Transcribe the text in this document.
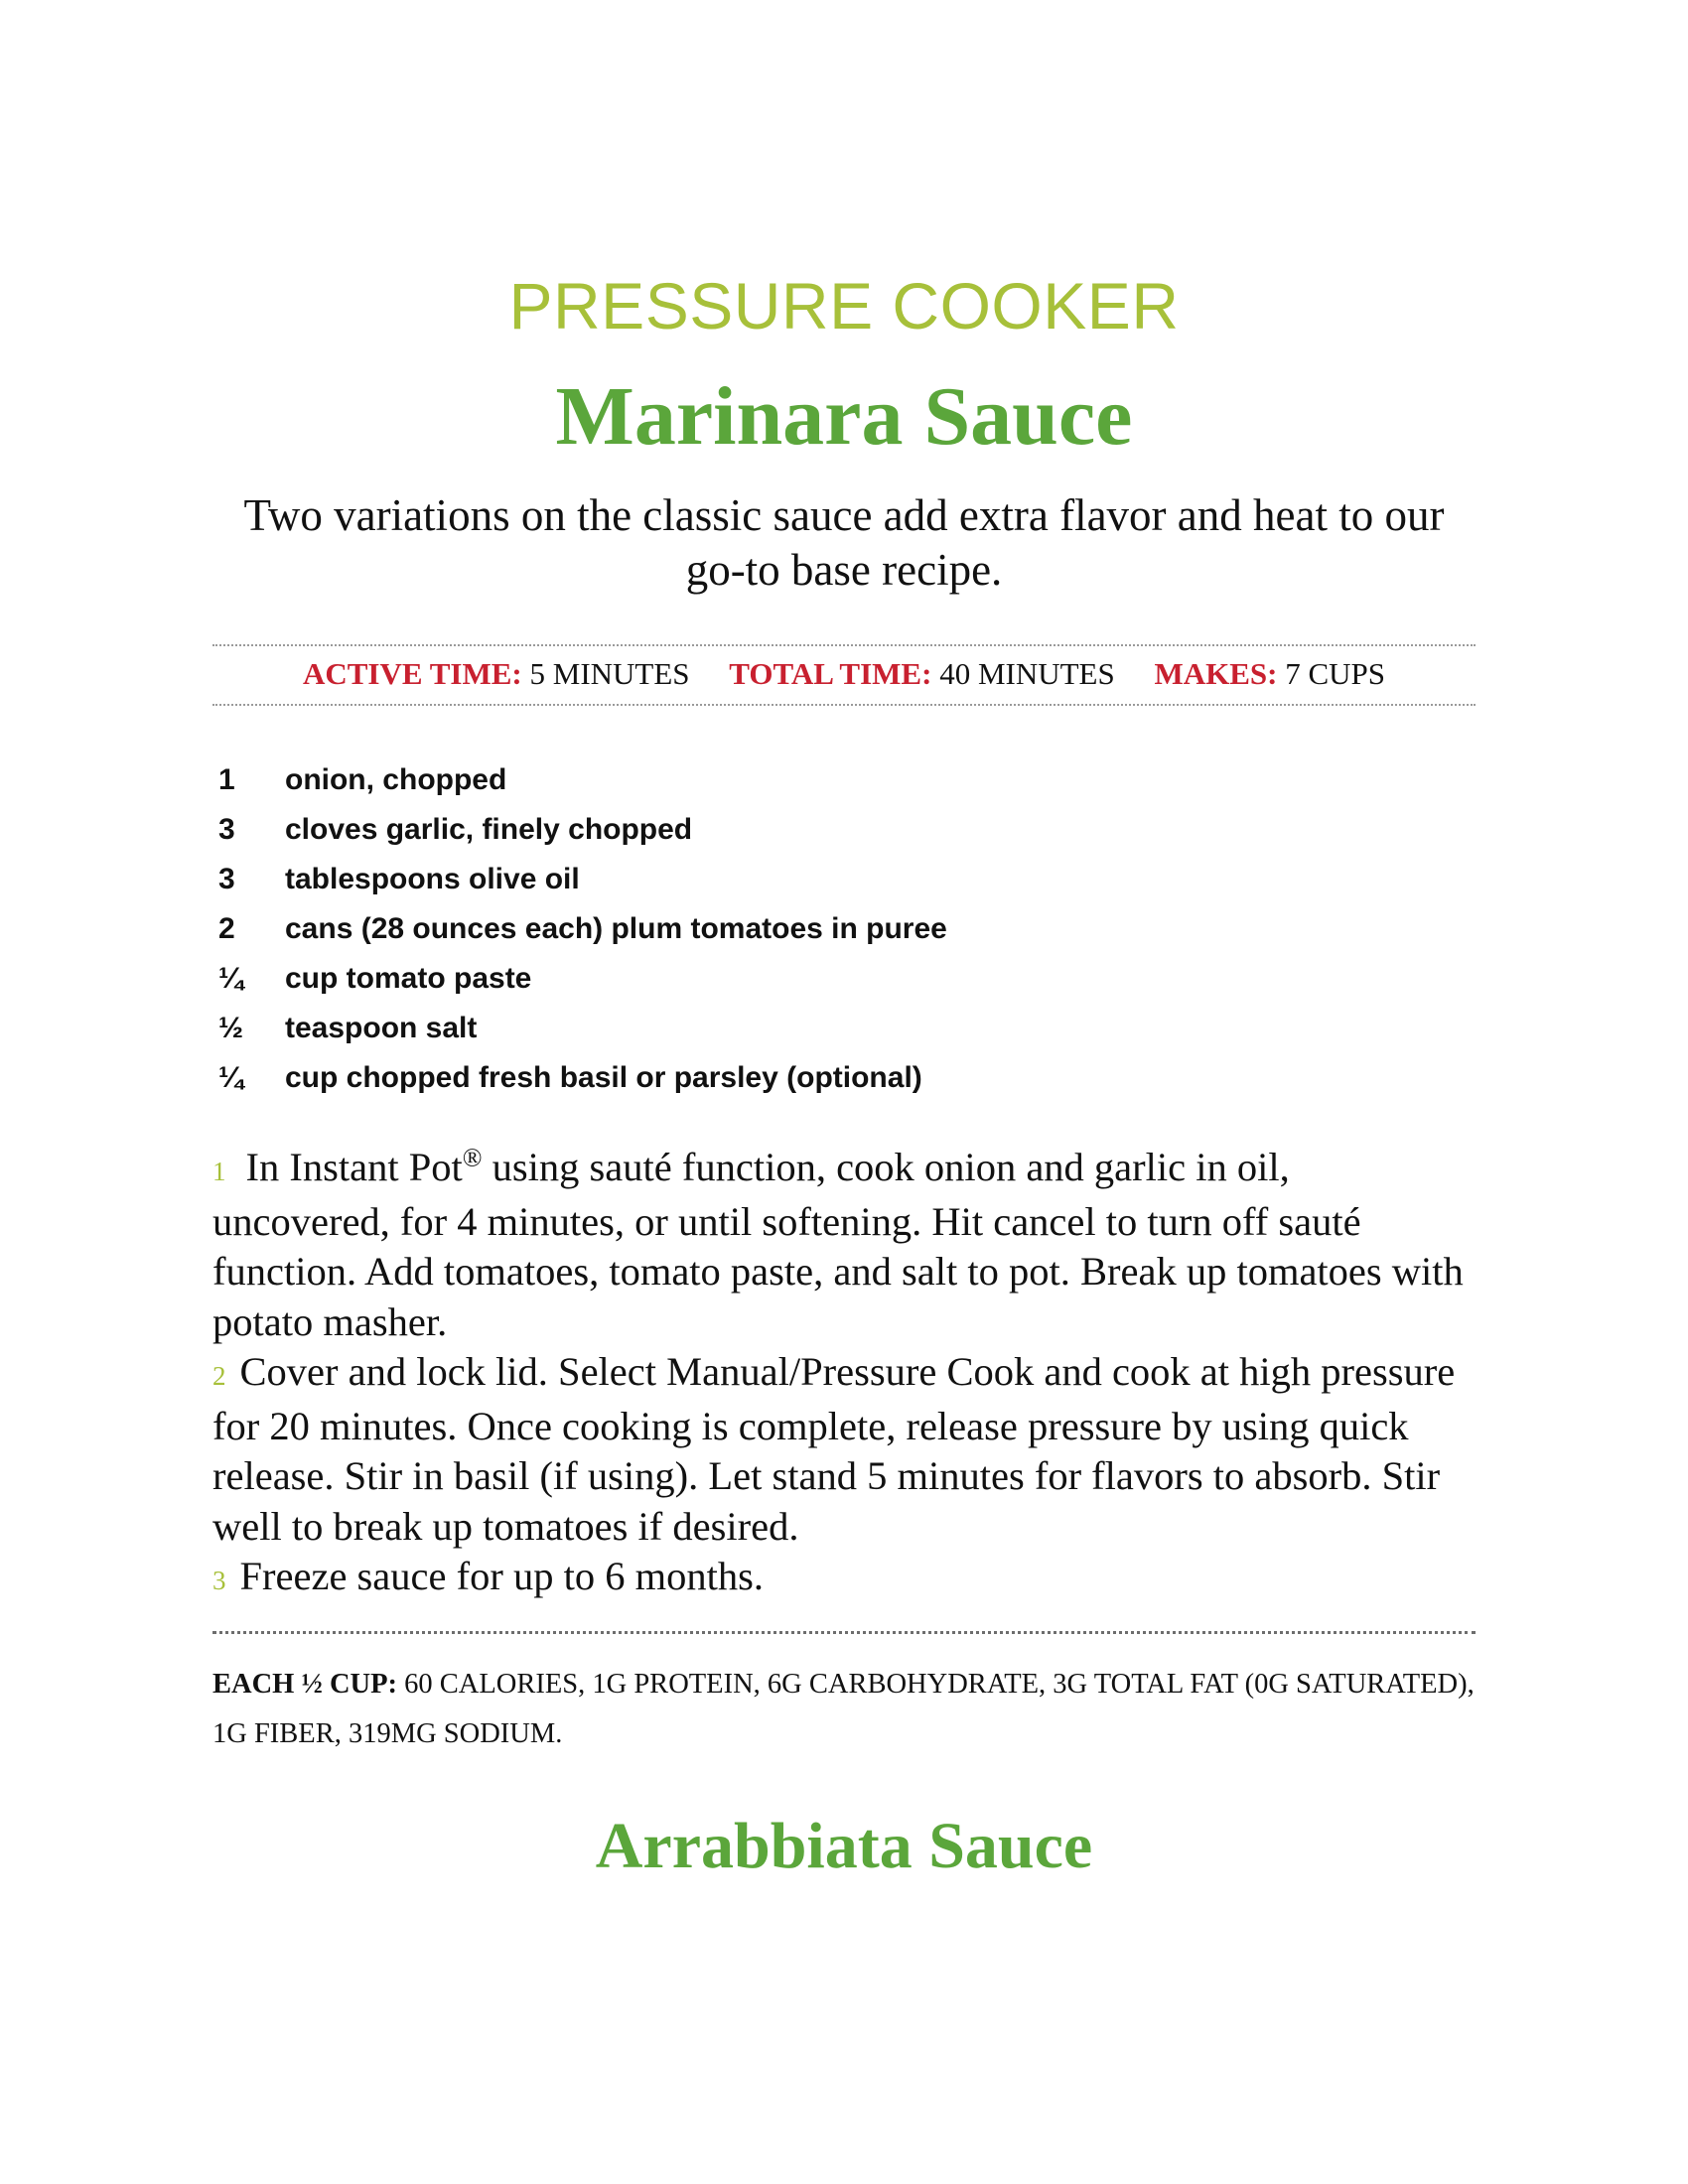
PRESSURE COOKER
Marinara Sauce
Two variations on the classic sauce add extra flavor and heat to our go-to base recipe.
ACTIVE TIME: 5 MINUTES TOTAL TIME: 40 MINUTES MAKES: 7 CUPS
1 onion, chopped
3 cloves garlic, finely chopped
3 tablespoons olive oil
2 cans (28 ounces each) plum tomatoes in puree
¼ cup tomato paste
½ teaspoon salt
¼ cup chopped fresh basil or parsley (optional)
1 In Instant Pot® using sauté function, cook onion and garlic in oil, uncovered, for 4 minutes, or until softening. Hit cancel to turn off sauté function. Add tomatoes, tomato paste, and salt to pot. Break up tomatoes with potato masher.
2 Cover and lock lid. Select Manual/Pressure Cook and cook at high pressure for 20 minutes. Once cooking is complete, release pressure by using quick release. Stir in basil (if using). Let stand 5 minutes for flavors to absorb. Stir well to break up tomatoes if desired.
3 Freeze sauce for up to 6 months.
EACH ½ CUP: 60 CALORIES, 1G PROTEIN, 6G CARBOHYDRATE, 3G TOTAL FAT (0G SATURATED), 1G FIBER, 319MG SODIUM.
Arrabbiata Sauce
